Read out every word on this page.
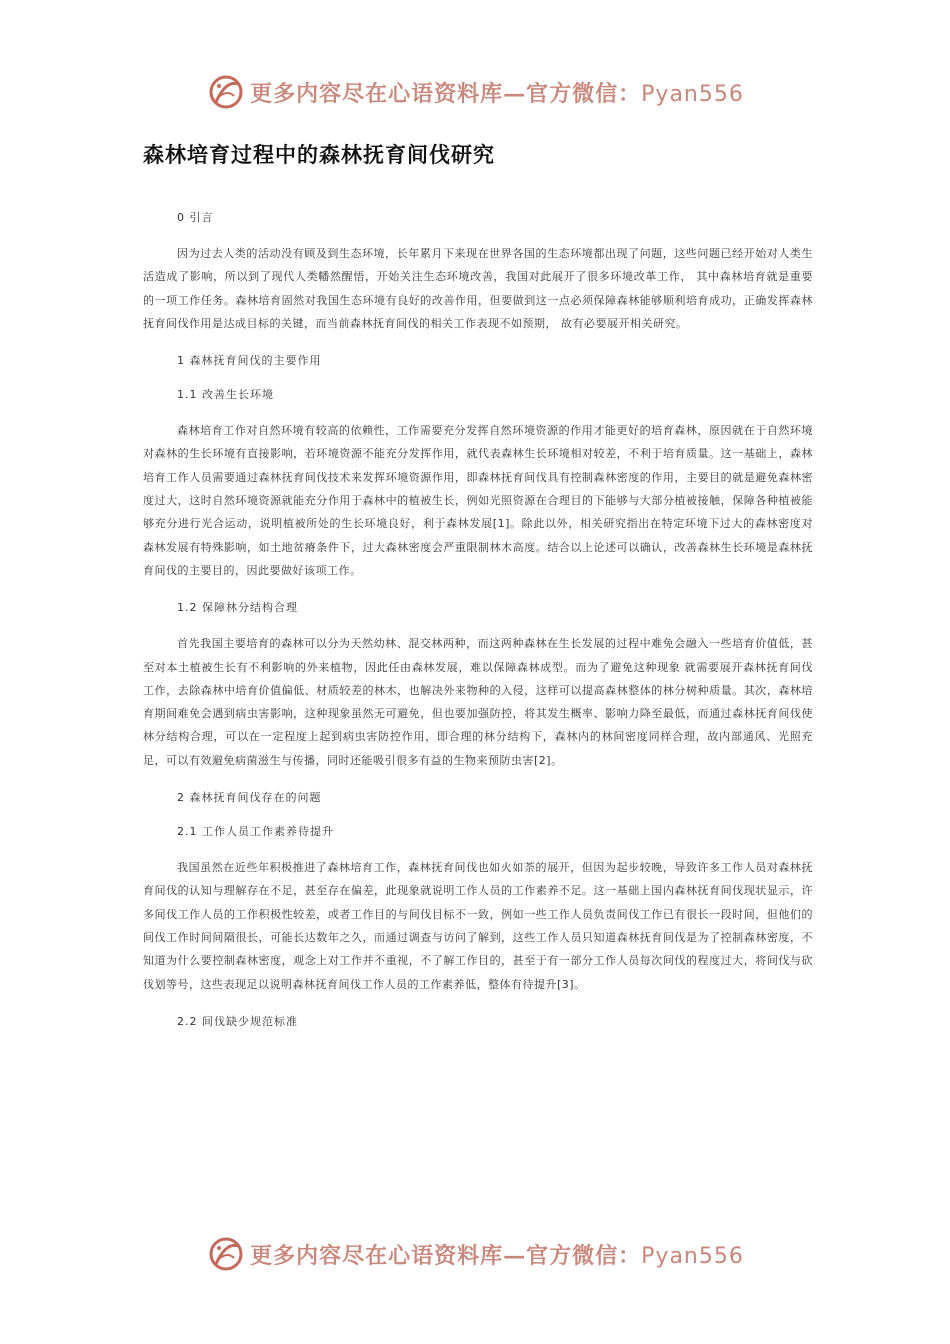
更多内容尽在心语资料库—官方微信：Pyan556
森林培育过程中的森林抚育间伐研究
0 引言

因为过去人类的活动没有顾及到生态环境，长年累月下来现在世界各国的生态环境都出现了问题，这些问题已经开始对人类生活造成了影响，所以到了现代人类幡然醒悟，开始关注生态环境改善，我国对此展开了很多环境改革工作， 其中森林培育就是重要的一项工作任务。森林培育固然对我国生态环境有良好的改善作用，但要做到这一点必须保障森林能够顺利培育成功，正确发挥森林抚育间伐作用是达成目标的关键，而当前森林抚育间伐的相关工作表现不如预期， 故有必要展开相关研究。

1 森林抚育间伐的主要作用
1.1 改善生长环境

森林培育工作对自然环境有较高的依赖性，工作需要充分发挥自然环境资源的作用才能更好的培育森林，原因就在于自然环境对森林的生长环境有直接影响，若环境资源不能充分发挥作用，就代表森林生长环境相对较差，不利于培育质量。这一基础上，森林培育工作人员需要通过森林抚育间伐技术来发挥环境资源作用，即森林抚育间伐具有控制森林密度的作用，主要目的就是避免森林密度过大，这时自然环境资源就能充分作用于森林中的植被生长，例如光照资源在合理目的下能够与大部分植被接触，保障各种植被能够充分进行光合运动，说明植被所处的生长环境良好，利于森林发展[1]。除此以外，相关研究指出在特定环境下过大的森林密度对森林发展有特殊影响，如土地贫瘠条件下，过大森林密度会严重限制林木高度。结合以上论述可以确认，改善森林生长环境是森林抚育间伐的主要目的，因此要做好该项工作。

1.2 保障林分结构合理

首先我国主要培育的森林可以分为天然幼林、混交林两种，而这两种森林在生长发展的过程中难免会融入一些培育价值低，甚至对本土植被生长有不利影响的外来植物，因此任由森林发展，难以保障森林成型。而为了避免这种现象 就需要展开森林抚育间伐工作，去除森林中培育价值偏低、材质较差的林木，也解决外来物种的入侵，这样可以提高森林整体的林分树种质量。其次，森林培育期间难免会遇到病虫害影响，这种现象虽然无可避免，但也要加强防控，将其发生概率、影响力降至最低，而通过森林抚育间伐使林分结构合理，可以在一定程度上起到病虫害防控作用，即合理的林分结构下，森林内的林间密度同样合理，故内部通风、光照充足，可以有效避免病菌滋生与传播，同时还能吸引很多有益的生物来预防虫害[2]。

2 森林抚育间伐存在的问题
2.1 工作人员工作素养待提升

我国虽然在近些年积极推进了森林培育工作，森林抚育间伐也如火如荼的展开，但因为起步较晚，导致许多工作人员对森林抚育间伐的认知与理解存在不足，甚至存在偏差，此现象就说明工作人员的工作素养不足。这一基础上国内森林抚育间伐现状显示，许多间伐工作人员的工作积极性较差，或者工作目的与间伐目标不一致，例如一些工作人员负责间伐工作已有很长一段时间，但他们的间伐工作时间间隔很长，可能长达数年之久，而通过调查与访问了解到，这些工作人员只知道森林抚育间伐是为了控制森林密度，不知道为什么要控制森林密度，观念上对工作并不重视，不了解工作目的，甚至于有一部分工作人员每次间伐的程度过大，将间伐与砍伐划等号，这些表现足以说明森林抚育间伐工作人员的工作素养低，整体有待提升[3]。

2.2 间伐缺少规范标准
更多内容尽在心语资料库—官方微信：Pyan556
